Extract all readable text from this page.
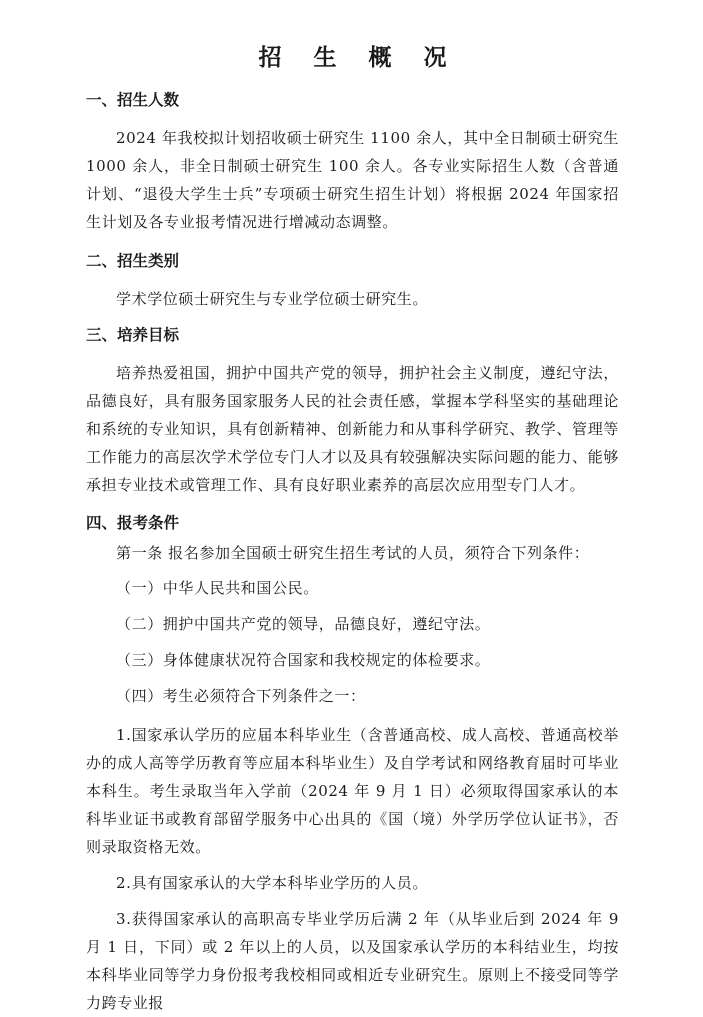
招 生 概 况
一、招生人数
2024 年我校拟计划招收硕士研究生 1100 余人，其中全日制硕士研究生 1000 余人，非全日制硕士研究生 100 余人。各专业实际招生人数（含普通计划、“退役大学生士兵”专项硕士研究生招生计划）将根据 2024 年国家招生计划及各专业报考情况进行增减动态调整。
二、招生类别
学术学位硕士研究生与专业学位硕士研究生。
三、培养目标
培养热爱祖国，拥护中国共产党的领导，拥护社会主义制度，遵纪守法，品德良好，具有服务国家服务人民的社会责任感，掌握本学科坚实的基础理论和系统的专业知识，具有创新精神、创新能力和从事科学研究、教学、管理等工作能力的高层次学术学位专门人才以及具有较强解决实际问题的能力、能够承担专业技术或管理工作、具有良好职业素养的高层次应用型专门人才。
四、报考条件
第一条 报名参加全国硕士研究生招生考试的人员，须符合下列条件：
（一）中华人民共和国公民。
（二）拥护中国共产党的领导，品德良好，遵纪守法。
（三）身体健康状况符合国家和我校规定的体检要求。
（四）考生必须符合下列条件之一：
1.国家承认学历的应届本科毕业生（含普通高校、成人高校、普通高校举办的成人高等学历教育等应届本科毕业生）及自学考试和网络教育届时可毕业本科生。考生录取当年入学前（2024 年 9 月 1 日）必须取得国家承认的本科毕业证书或教育部留学服务中心出具的《国（境）外学历学位认证书》，否则录取资格无效。
2.具有国家承认的大学本科毕业学历的人员。
3.获得国家承认的高职高专毕业学历后满 2 年（从毕业后到 2024 年 9 月 1 日，下同）或 2 年以上的人员，以及国家承认学历的本科结业生，均按本科毕业同等学力身份报考我校相同或相近专业研究生。原则上不接受同等学力跨专业报
